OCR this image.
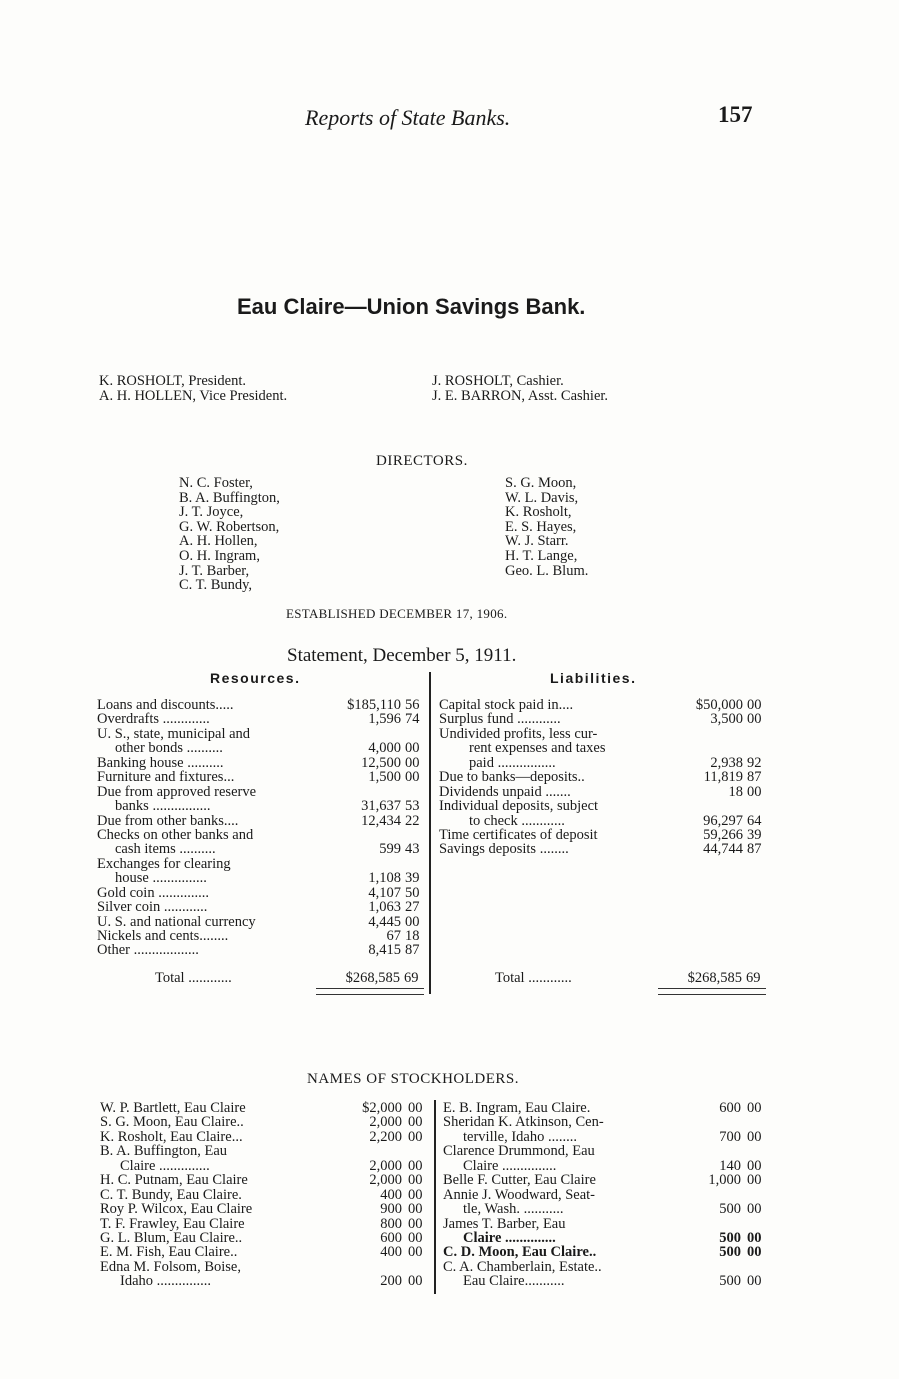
Reports of State Banks.	157
Eau Claire—Union Savings Bank.
K. ROSHOLT, President.
A. H. HOLLEN, Vice President.
J. ROSHOLT, Cashier.
J. E. BARRON, Asst. Cashier.
DIRECTORS.
N. C. Foster,
B. A. Buffington,
J. T. Joyce,
G. W. Robertson,
A. H. Hollen,
O. H. Ingram,
J. T. Barber,
C. T. Bundy,
S. G. Moon,
W. L. Davis,
K. Rosholt,
E. S. Hayes,
W. J. Starr.
H. T. Lange,
Geo. L. Blum.
ESTABLISHED DECEMBER 17, 1906.
Statement, December 5, 1911.
Resources.	Liabilities.
Loans and discounts.....	$185,110 56
Overdrafts .............	1,596 74
U. S., state, municipal and
other bonds ..........	4,000 00
Banking house ..........	12,500 00
Furniture and fixtures...	1,500 00
Due from approved reserve
banks ................	31,637 53
Due from other banks....	12,434 22
Checks on other banks and
cash items ..........	599 43
Exchanges for clearing
house ...............	1,108 39
Gold coin ..............	4,107 50
Silver coin ............	1,063 27
U. S. and national currency	4,445 00
Nickels and cents........	67 18
Other ..................	8,415 87
Total ............	$268,585 69
Capital stock paid in....	$50,000 00
Surplus fund ............	3,500 00
Undivided profits, less cur-
rent expenses and taxes
paid ................	2,938 92
Due to banks—deposits..	11,819 87
Dividends unpaid .......	18 00
Individual deposits, subject
to check ............	96,297 64
Time certificates of deposit	59,266 39
Savings deposits ........	44,744 87
Total ............	$268,585 69
NAMES OF STOCKHOLDERS.
W. P. Bartlett, Eau Claire	$2,000 00
S. G. Moon, Eau Claire..	2,000 00
K. Rosholt, Eau Claire...	2,200 00
B. A. Buffington, Eau
Claire ..............	2,000 00
H. C. Putnam, Eau Claire	2,000 00
C. T. Bundy, Eau Claire.	400 00
Roy P. Wilcox, Eau Claire	900 00
T. F. Frawley, Eau Claire	800 00
G. L. Blum, Eau Claire..	600 00
E. M. Fish, Eau Claire..	400 00
Edna M. Folsom, Boise,
Idaho ...............	200 00
E. B. Ingram, Eau Claire.	600 00
Sheridan K. Atkinson, Cen-
terville, Idaho ........	700 00
Clarence Drummond, Eau
Claire ...............	140 00
Belle F. Cutter, Eau Claire	1,000 00
Annie J. Woodward, Seat-
tle, Wash. ...........	500 00
James T. Barber, Eau
Claire ..............	500 00
C. D. Moon, Eau Claire..	500 00
C. A. Chamberlain, Estate..
Eau Claire...........	500 00
